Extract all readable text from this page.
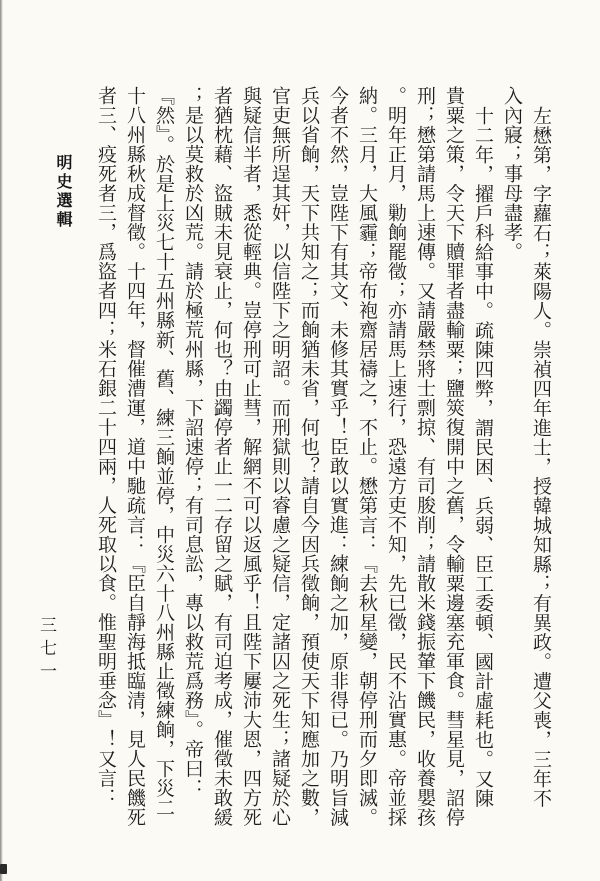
左懋第，字蘿石；萊陽人。崇禎四年進士，授韓城知縣；有異政。遭父喪，三年不

入內寢；事母盡孝。

十二年，擢戶科給事中。疏陳四弊，謂民困、兵弱、臣工委頓、國計虛耗也。又陳

貴粟之策，令天下贖罪者盡輸粟；鹽筴復開中之舊，令輸粟邊塞充軍食。彗星見，詔停

刑；懋第請馬上速傳。又請嚴禁將士剽掠、有司朘削；請散米錢振輦下饑民，收養嬰孩

。明年正月，勦餉罷徵；亦請馬上速行，恐遠方吏不知，先已徵，民不沾實惠。帝並採

納。三月，大風霾；帝布袍齋居禱之，不止。懋第言：『去秋星變，朝停刑而夕即滅。

今者不然，豈陛下有其文、未修其實乎！臣敢以實進：練餉之加，原非得已。乃明旨減

兵以省餉，天下共知之；而餉猶未省，何也？請自今因兵徵餉，預使天下知應加之數，

官吏無所逞其奸，以信陛下之明詔。而刑獄則以睿慮之疑信，定諸囚之死生；諸疑於心

與疑信半者，悉從輕典。豈停刑可止彗，解網不可以返風乎！且陛下屢沛大恩，四方死

者猶枕藉、盜賊未見衰止，何也？由蠲停者止一二存留之賦，有司迫考成，催徵未敢緩

；是以莫救於凶荒。請於極荒州縣，下詔速停；有司息訟，專以救荒爲務』。帝曰：

『然』。於是上災七十五州縣新、舊、練三餉並停，中災六十八州縣止徵練餉，下災二

十八州縣秋成督徵。十四年，督催漕運，道中馳疏言：『臣自靜海抵臨清，見人民饑死

者三、疫死者三，爲盜者四；米石銀二十四兩，人死取以食。惟聖明垂念』！又言：

明史選輯
三七一
